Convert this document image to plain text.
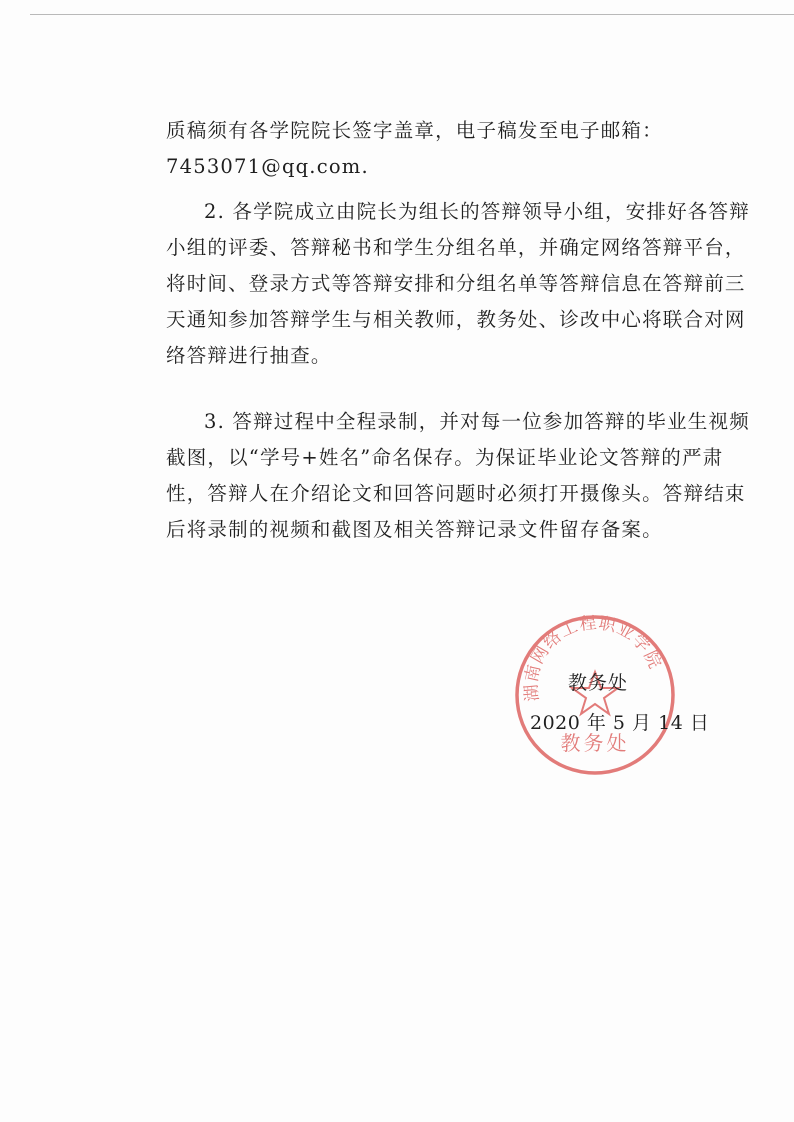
质稿须有各学院院长签字盖章，电子稿发至电子邮箱：
7453071@qq.com.
2. 各学院成立由院长为组长的答辩领导小组，安排好各答辩
小组的评委、答辩秘书和学生分组名单，并确定网络答辩平台，
将时间、登录方式等答辩安排和分组名单等答辩信息在答辩前三
天通知参加答辩学生与相关教师，教务处、诊改中心将联合对网
络答辩进行抽查。
3. 答辩过程中全程录制，并对每一位参加答辩的毕业生视频
截图，以“学号+姓名”命名保存。为保证毕业论文答辩的严肃
性，答辩人在介绍论文和回答问题时必须打开摄像头。答辩结束
后将录制的视频和截图及相关答辩记录文件留存备案。
湖南网络工程职业学院
教务处
教务处
2020 年 5 月 14 日
